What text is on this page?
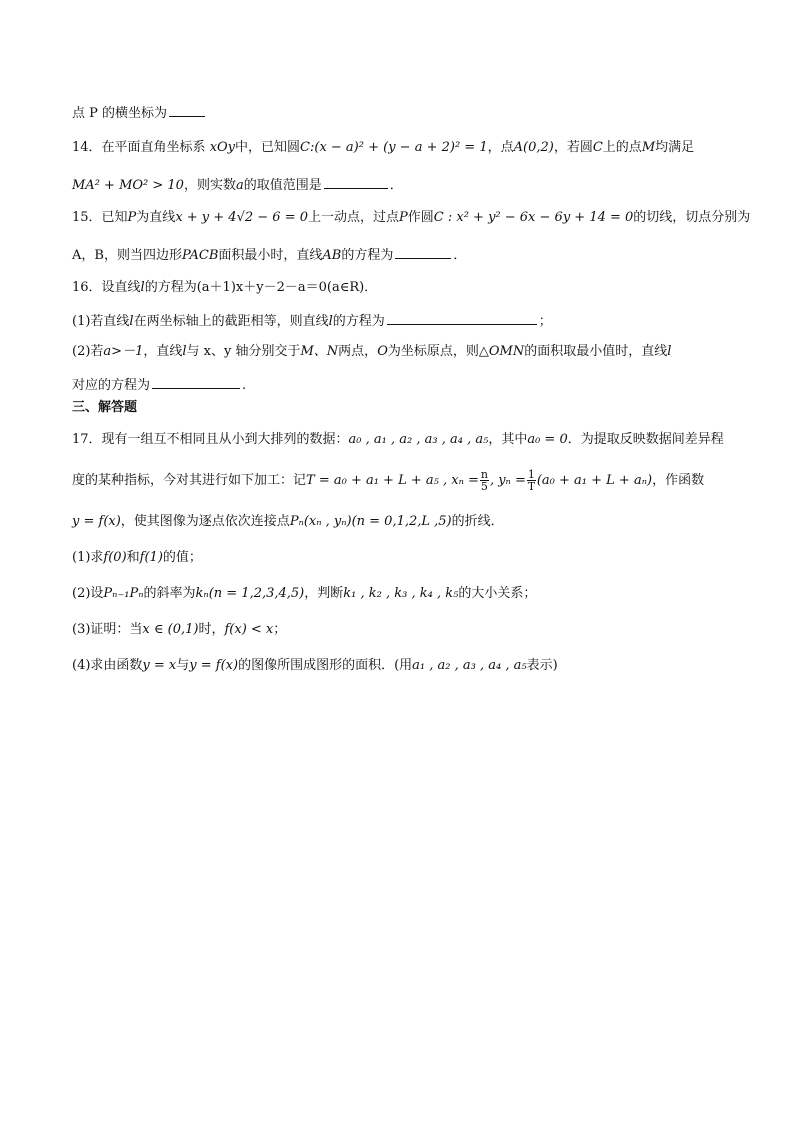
点 P 的横坐标为
14．在平面直角坐标系 xOy中，已知圆C:(x − a)² + (y − a + 2)² = 1，点A(0,2)，若圆C上的点M均满足
MA² + MO² > 10，则实数a的取值范围是	．
15．已知P为直线x + y + 4√2 − 6 = 0上一动点，过点P作圆C : x² + y² − 6x − 6y + 14 = 0的切线，切点分别为
A，B，则当四边形PACB面积最小时，直线AB的方程为	．
16．设直线l的方程为(a＋1)x＋y－2－a＝0(a∈R)．
(1)若直线l在两坐标轴上的截距相等，则直线l的方程为	；
(2)若a>－1，直线l与 x、y 轴分别交于M、N两点，O为坐标原点，则△OMN的面积取最小值时，直线l
对应的方程为	.
三、解答题
17．现有一组互不相同且从小到大排列的数据：a₀ , a₁ , a₂ , a₃ , a₄ , a₅，其中a₀ = 0．为提取反映数据间差异程
度的某种指标，今对其进行如下加工：记T = a₀ + a₁ + L + a₅ , $x_n = \frac{n}{5}$ , $y_n = \frac{1}{T} (a_0 + a_1 + L + a_n)$，作函数
y = f(x)，使其图像为逐点依次连接点Pₙ(xₙ , yₙ)(n = 0,1,2,L ,5)的折线．
(1)求f(0)和f(1)的值；
(2)设Pₙ₋₁Pₙ的斜率为kₙ(n = 1,2,3,4,5)，判断k₁ , k₂ , k₃ , k₄ , k₅的大小关系；
(3)证明：当x ∈ (0,1)时，f(x) < x；
(4)求由函数y = x与y = f(x)的图像所围成图形的面积．(用a₁ , a₂ , a₃ , a₄ , a₅表示)
